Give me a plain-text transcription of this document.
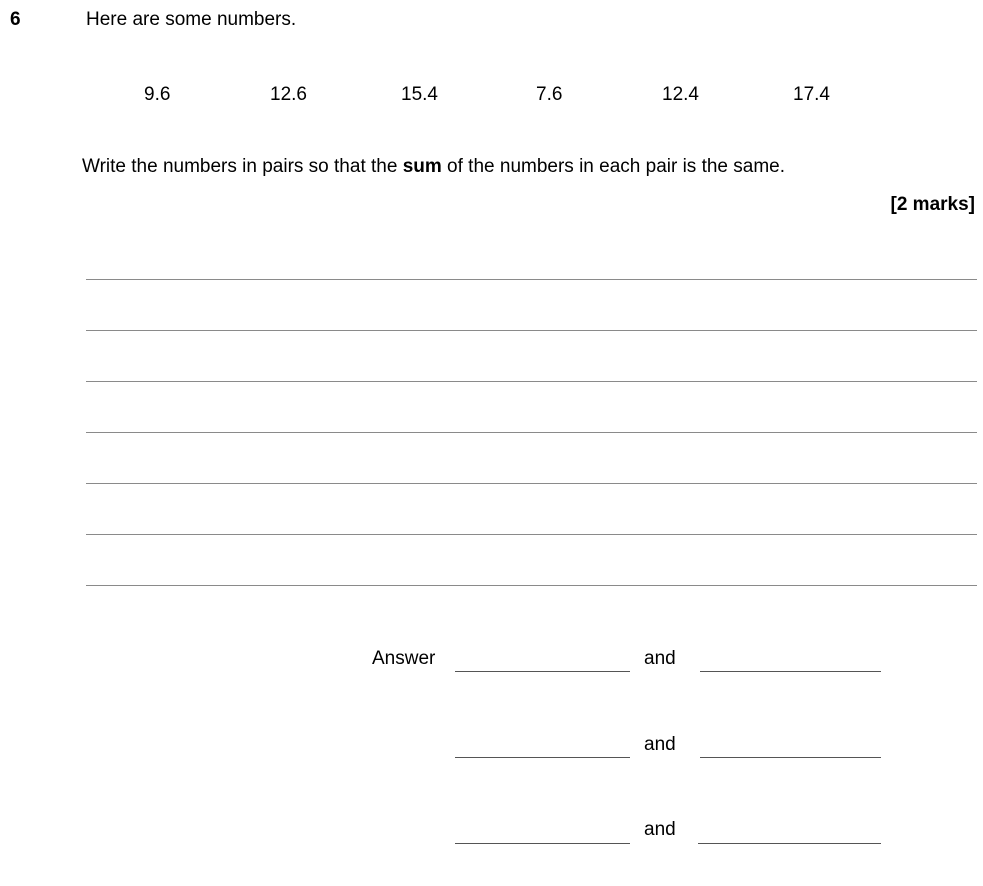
6	Here are some numbers.
9.6	12.6	15.4	7.6	12.4	17.4
Write the numbers in pairs so that the sum of the numbers in each pair is the same.
[2 marks]
Answer	and
and
and
